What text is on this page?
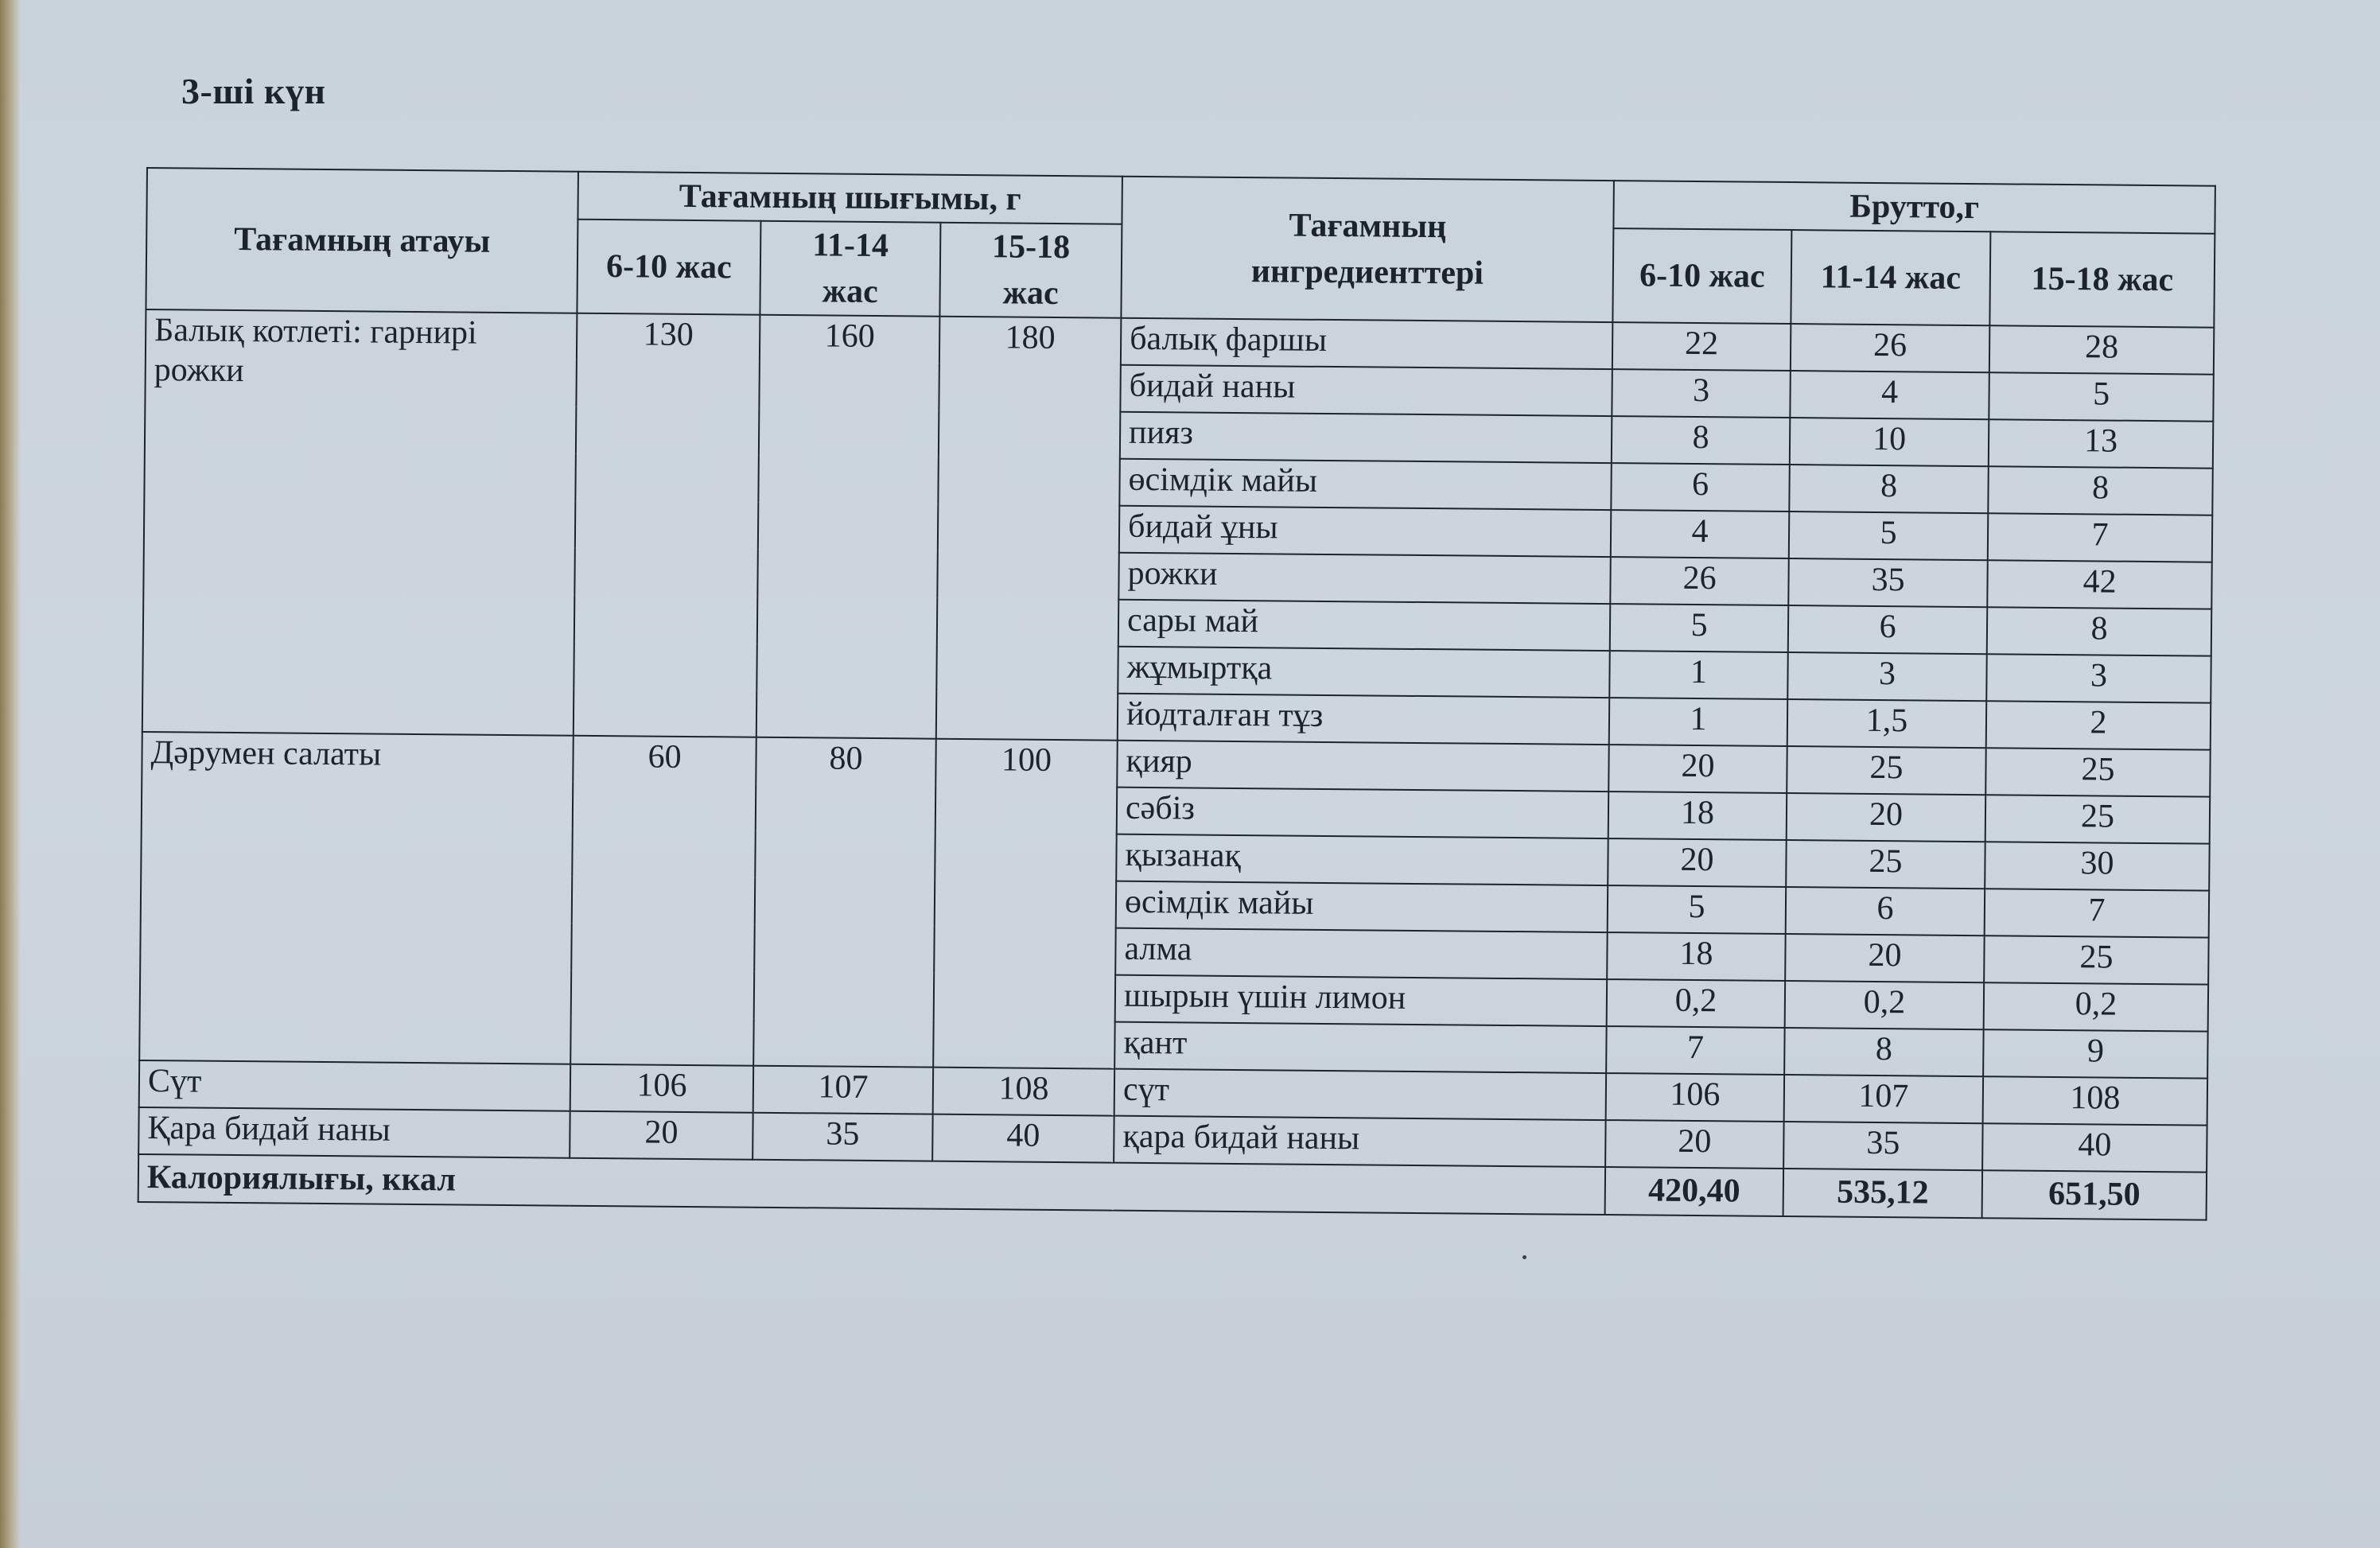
3-ші күн
Тағамның атауы	Тағамның шығымы, г			Тағамның ингредиенттері	Брутто,г		
	6-10 жас	11-14 жас	15-18 жас		6-10 жас	11-14 жас	15-18 жас
Балық котлеті: гарнирі рожки	130	160	180	балық фаршы	22	26	28
				бидай наны	3	4	5
				пияз	8	10	13
				өсімдік майы	6	8	8
				бидай ұны	4	5	7
				рожки	26	35	42
				сары май	5	6	8
				жұмыртқа	1	3	3
				йодталған тұз	1	1,5	2
Дәрумен салаты	60	80	100	қияр	20	25	25
				сәбіз	18	20	25
				қызанақ	20	25	30
				өсімдік майы	5	6	7
				алма	18	20	25
				шырын үшін лимон	0,2	0,2	0,2
				қант	7	8	9
Сүт	106	107	108	сүт	106	107	108
Қара бидай наны	20	35	40	қара бидай наны	20	35	40
Калориялығы, ккал					420,40	535,12	651,50
